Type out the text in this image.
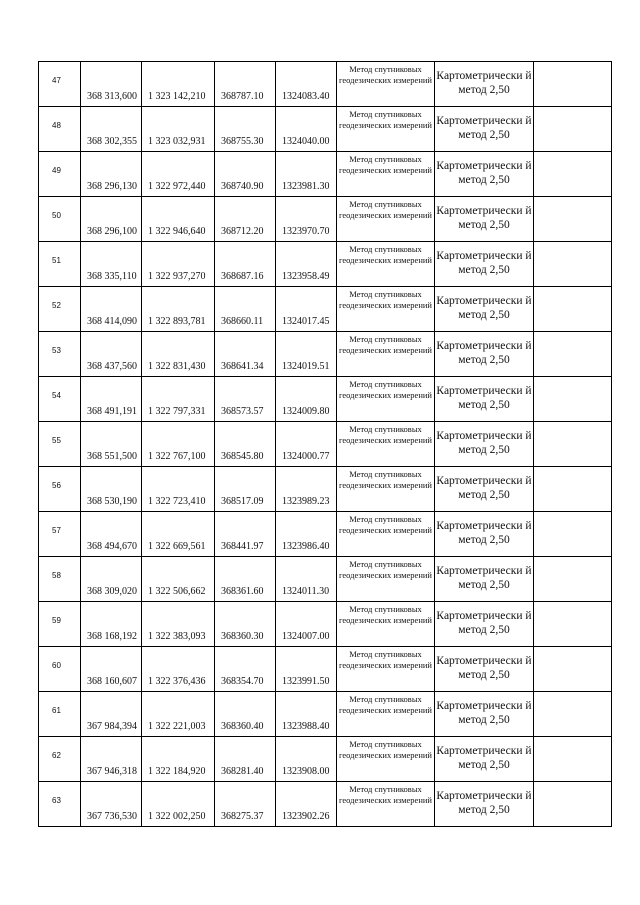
47	368 313,600	1 323 142,210	368787.10	1324083.40	Метод спутниковых геодезических измерений	Картометрически й метод 2,50	

48	368 302,355	1 323 032,931	368755.30	1324040.00	Метод спутниковых геодезических измерений	Картометрически й метод 2,50	

49	368 296,130	1 322 972,440	368740.90	1323981.30	Метод спутниковых геодезических измерений	Картометрически й метод 2,50	

50	368 296,100	1 322 946,640	368712.20	1323970.70	Метод спутниковых геодезических измерений	Картометрически й метод 2,50	

51	368 335,110	1 322 937,270	368687.16	1323958.49	Метод спутниковых геодезических измерений	Картометрически й метод 2,50	

52	368 414,090	1 322 893,781	368660.11	1324017.45	Метод спутниковых геодезических измерений	Картометрически й метод 2,50	

53	368 437,560	1 322 831,430	368641.34	1324019.51	Метод спутниковых геодезических измерений	Картометрически й метод 2,50	

54	368 491,191	1 322 797,331	368573.57	1324009.80	Метод спутниковых геодезических измерений	Картометрически й метод 2,50	

55	368 551,500	1 322 767,100	368545.80	1324000.77	Метод спутниковых геодезических измерений	Картометрически й метод 2,50	

56	368 530,190	1 322 723,410	368517.09	1323989.23	Метод спутниковых геодезических измерений	Картометрически й метод 2,50	

57	368 494,670	1 322 669,561	368441.97	1323986.40	Метод спутниковых геодезических измерений	Картометрически й метод 2,50	

58	368 309,020	1 322 506,662	368361.60	1324011.30	Метод спутниковых геодезических измерений	Картометрически й метод 2,50	

59	368 168,192	1 322 383,093	368360.30	1324007.00	Метод спутниковых геодезических измерений	Картометрически й метод 2,50	

60	368 160,607	1 322 376,436	368354.70	1323991.50	Метод спутниковых геодезических измерений	Картометрически й метод 2,50	

61	367 984,394	1 322 221,003	368360.40	1323988.40	Метод спутниковых геодезических измерений	Картометрически й метод 2,50	

62	367 946,318	1 322 184,920	368281.40	1323908.00	Метод спутниковых геодезических измерений	Картометрически й метод 2,50	

63	367 736,530	1 322 002,250	368275.37	1323902.26	Метод спутниковых геодезических измерений	Картометрически й метод 2,50	
